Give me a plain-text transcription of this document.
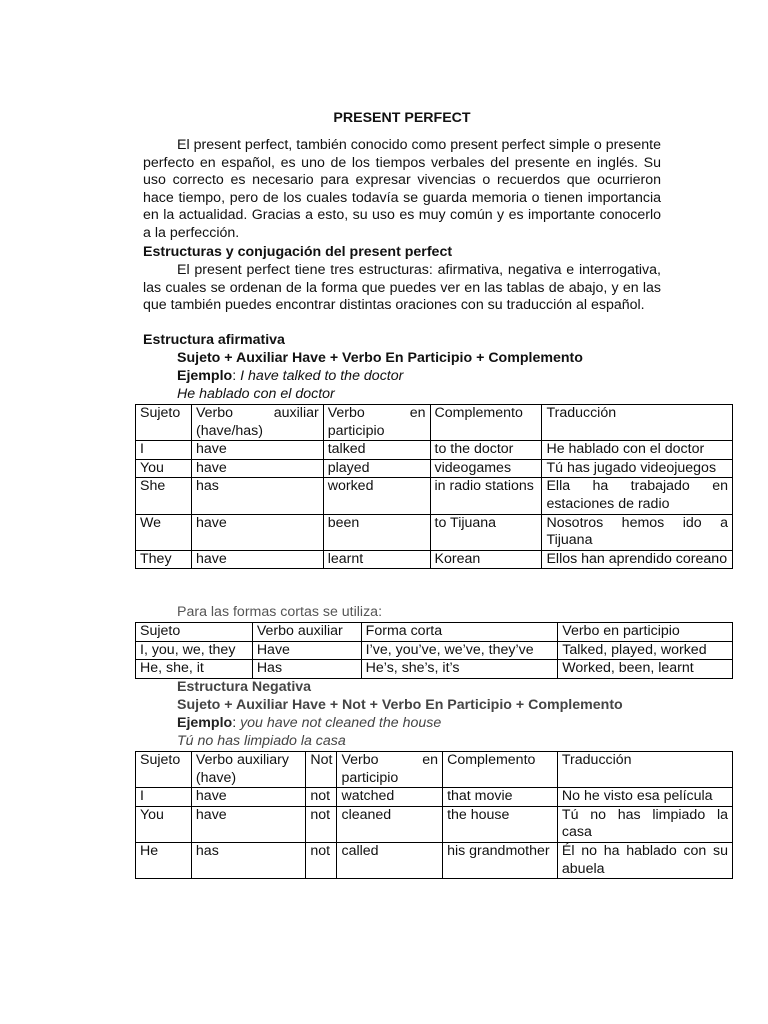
PRESENT PERFECT

El present perfect, también conocido como present perfect simple o presente perfecto en español, es uno de los tiempos verbales del presente en inglés. Su uso correcto es necesario para expresar vivencias o recuerdos que ocurrieron hace tiempo, pero de los cuales todavía se guarda memoria o tienen importancia en la actualidad. Gracias a esto, su uso es muy común y es importante conocerlo a la perfección.

Estructuras y conjugación del present perfect

El present perfect tiene tres estructuras: afirmativa, negativa e interrogativa, las cuales se ordenan de la forma que puedes ver en las tablas de abajo, y en las que también puedes encontrar distintas oraciones con su traducción al español.

Estructura afirmativa

Sujeto + Auxiliar Have + Verbo En Participio + Complemento

Ejemplo: I have talked to the doctor

He hablado con el doctor

Sujeto	Verbo auxiliar (have/has)	Verbo en participio	Complemento	Traducción
I	have	talked	to the doctor	He hablado con el doctor
You	have	played	videogames	Tú has jugado videojuegos
She	has	worked	in radio stations	Ella ha trabajado en estaciones de radio
We	have	been	to Tijuana	Nosotros hemos ido a Tijuana
They	have	learnt	Korean	Ellos han aprendido coreano

Para las formas cortas se utiliza:

Sujeto	Verbo auxiliar	Forma corta	Verbo en participio
I, you, we, they	Have	I’ve, you’ve, we’ve, they’ve	Talked, played, worked
He, she, it	Has	He’s, she’s, it’s	Worked, been, learnt

Estructura Negativa

Sujeto + Auxiliar Have + Not + Verbo En Participio + Complemento

Ejemplo: you have not cleaned the house

Tú no has limpiado la casa

Sujeto	Verbo auxiliary (have)	Not	Verbo en participio	Complemento	Traducción
I	have	not	watched	that movie	No he visto esa película
You	have	not	cleaned	the house	Tú no has limpiado la casa
He	has	not	called	his grandmother	Él no ha hablado con su abuela
